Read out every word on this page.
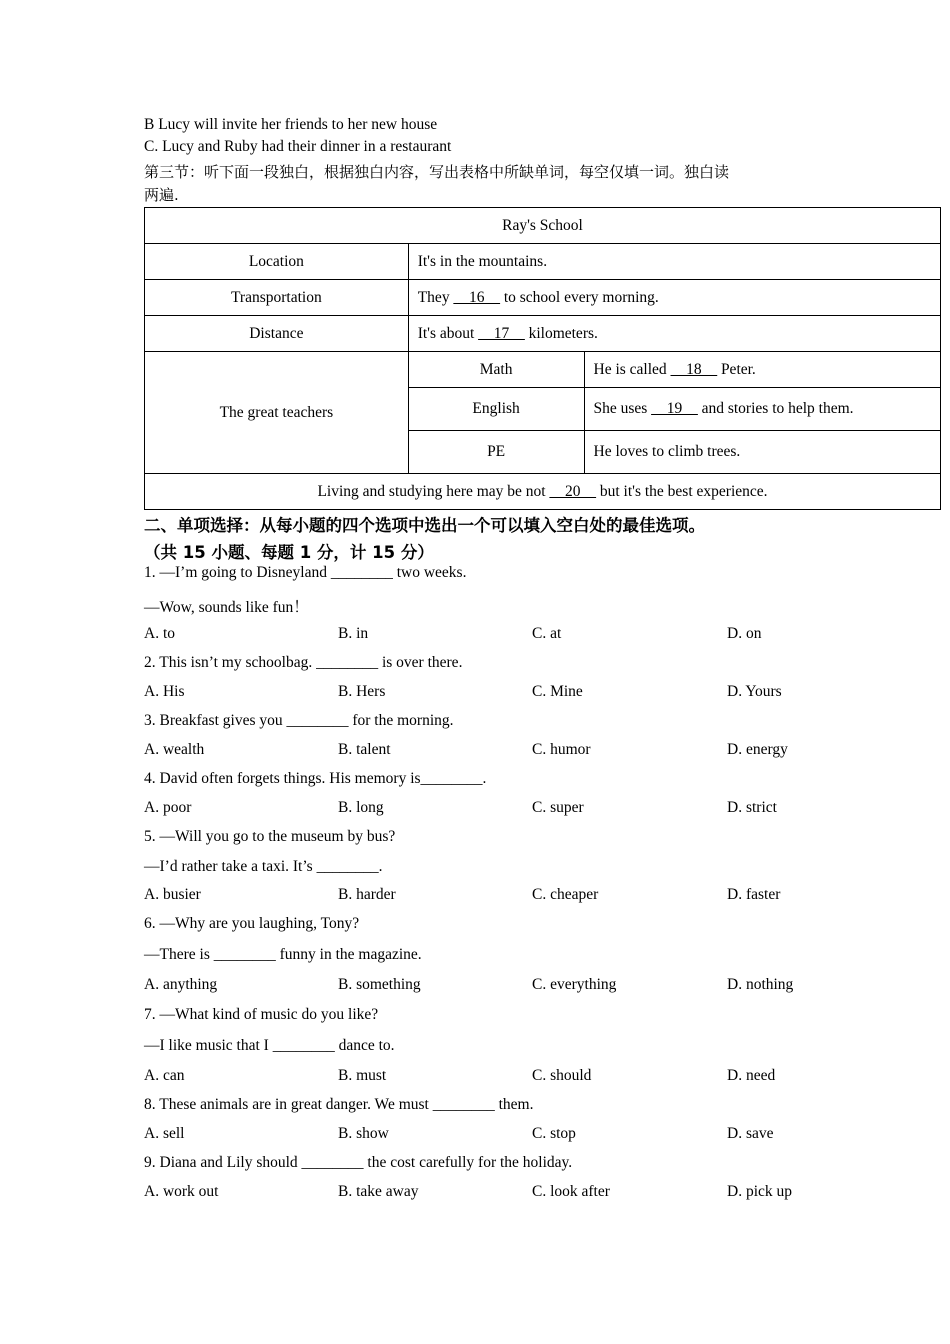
B Lucy will invite her friends to her new house
C. Lucy and Ruby had their dinner in a restaurant
第三节：听下面一段独白，根据独白内容，写出表格中所缺单词，每空仅填一词。独白读
两遍.
Ray's School		
Location	It's in the mountains.	
Transportation	They __16__ to school every morning.	
Distance	It's about __17__ kilometers.	
The great teachers	Math	He is called __18__ Peter.
	English	She uses __19__ and stories to help them.
	PE	He loves to climb trees.
Living and studying here may be not __20__ but it's the best experience.		
二、单项选择：从每小题的四个选项中选出一个可以填入空白处的最佳选项。
（共 15 小题、每题 1 分，计 15 分）
1. —I’m going to Disneyland ________ two weeks.
—Wow, sounds like fun！
A. to	B. in	C. at	D. on
2. This isn’t my schoolbag. ________ is over there.
A. His	B. Hers	C. Mine	D. Yours
3. Breakfast gives you ________ for the morning.
A. wealth	B. talent	C. humor	D. energy
4. David often forgets things. His memory is________.
A. poor	B. long	C. super	D. strict
5. —Will you go to the museum by bus?
—I’d rather take a taxi. It’s ________.
A. busier	B. harder	C. cheaper	D. faster
6. —Why are you laughing, Tony?
—There is ________ funny in the magazine.
A. anything	B. something	C. everything	D. nothing
7. —What kind of music do you like?
—I like music that I ________ dance to.
A. can	B. must	C. should	D. need
8. These animals are in great danger. We must ________ them.
A. sell	B. show	C. stop	D. save
9. Diana and Lily should ________ the cost carefully for the holiday.
A. work out	B. take away	C. look after	D. pick up
